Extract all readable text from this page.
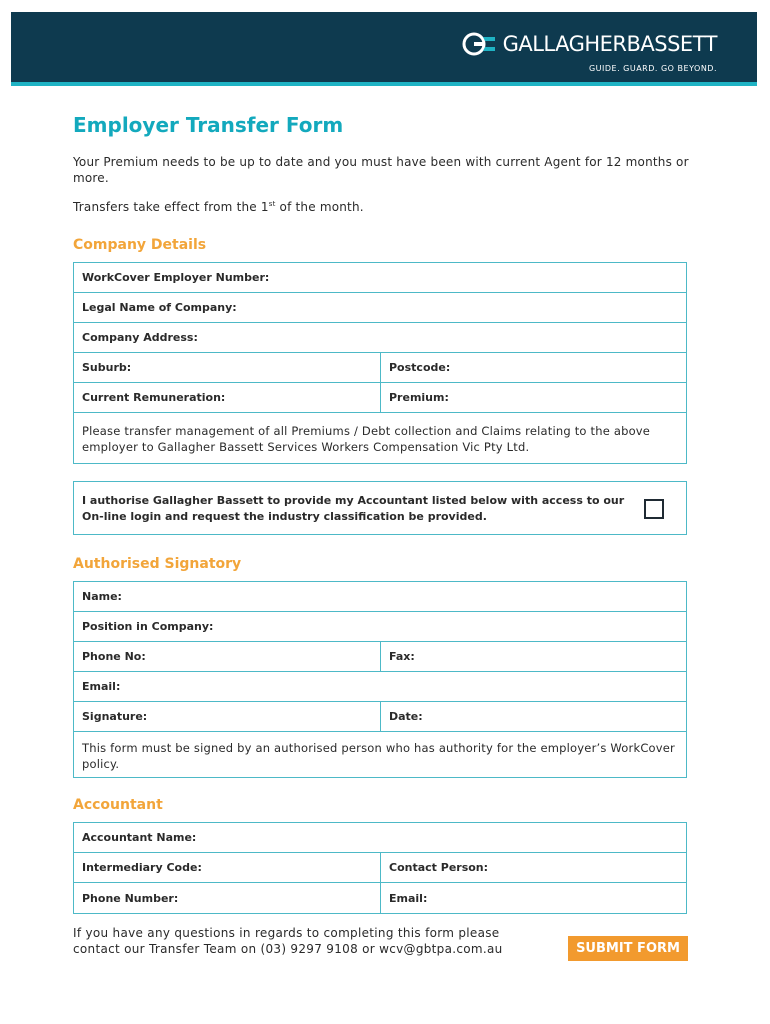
GALLAGHERBASSETT
GUIDE. GUARD. GO BEYOND.
Employer Transfer Form

Your Premium needs to be up to date and you must have been with current Agent for 12 months or more.

Transfers take effect from the 1st of the month.

Company Details
WorkCover Employer Number:
Legal Name of Company:
Company Address:
Suburb:	Postcode:
Current Remuneration:	Premium:
Please transfer management of all Premiums / Debt collection and Claims relating to the above employer to Gallagher Bassett Services Workers Compensation Vic Pty Ltd.
I authorise Gallagher Bassett to provide my Accountant listed below with access to our On-line login and request the industry classification be provided.
Authorised Signatory
Name:
Position in Company:
Phone No:	Fax:
Email:
Signature:	Date:
This form must be signed by an authorised person who has authority for the employer’s WorkCover policy.
Accountant
Accountant Name:
Intermediary Code:	Contact Person:
Phone Number:	Email:

If you have any questions in regards to completing this form please contact our Transfer Team on (03) 9297 9108 or wcv@gbtpa.com.au	SUBMIT FORM
